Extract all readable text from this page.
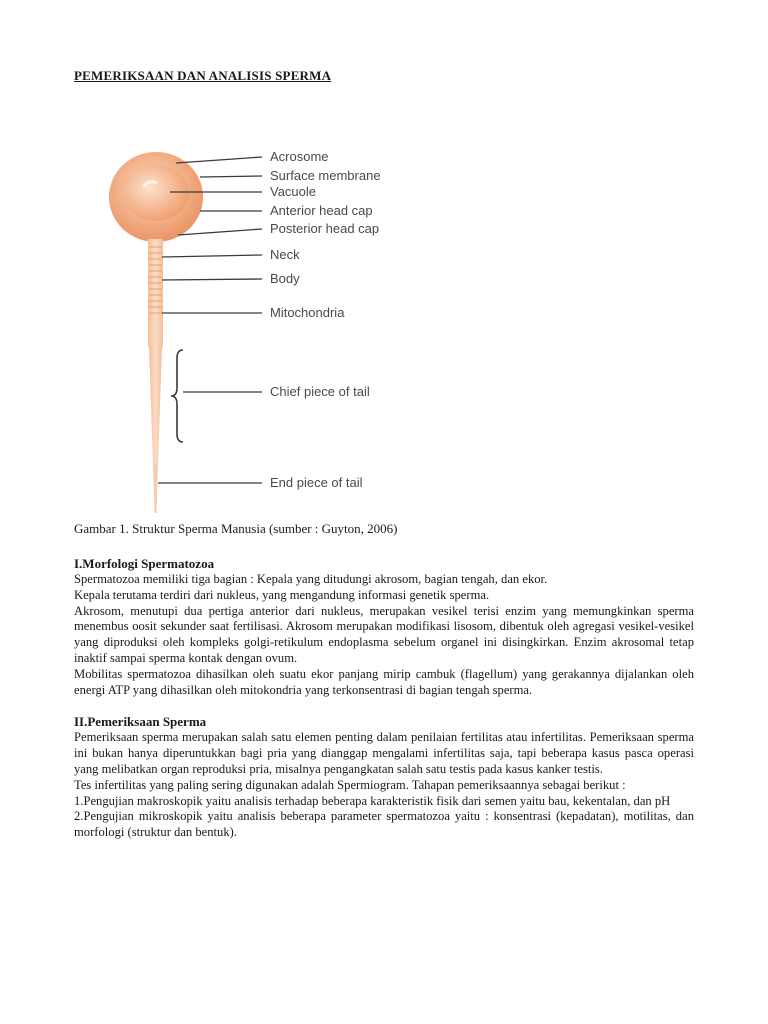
PEMERIKSAAN DAN ANALISIS SPERMA
Acrosome
Surface membrane
Vacuole
Anterior head cap
Posterior head cap
Neck
Body
Mitochondria
Chief piece of tail
End piece of tail
Gambar 1. Struktur Sperma Manusia (sumber : Guyton, 2006)
I.Morfologi Spermatozoa

Spermatozoa memiliki tiga bagian : Kepala yang ditudungi akrosom, bagian tengah, dan ekor.

Kepala terutama terdiri dari nukleus, yang mengandung informasi genetik sperma.

Akrosom, menutupi dua pertiga anterior dari nukleus, merupakan vesikel terisi enzim yang memungkinkan sperma menembus oosit sekunder saat fertilisasi. Akrosom merupakan modifikasi lisosom, dibentuk oleh agregasi vesikel-vesikel yang diproduksi oleh kompleks golgi-retikulum endoplasma sebelum organel ini disingkirkan. Enzim akrosomal tetap inaktif sampai sperma kontak dengan ovum.

Mobilitas spermatozoa dihasilkan oleh suatu ekor panjang mirip cambuk (flagellum) yang gerakannya dijalankan oleh energi ATP yang dihasilkan oleh mitokondria yang terkonsentrasi di bagian tengah sperma.

II.Pemeriksaan Sperma

Pemeriksaan sperma merupakan salah satu elemen penting dalam penilaian fertilitas atau infertilitas. Pemeriksaan sperma ini bukan hanya diperuntukkan bagi pria yang dianggap mengalami infertilitas saja, tapi beberapa kasus pasca operasi yang melibatkan organ reproduksi pria, misalnya pengangkatan salah satu testis pada kasus kanker testis.

Tes infertilitas yang paling sering digunakan adalah Spermiogram. Tahapan pemeriksaannya sebagai berikut :

1.Pengujian makroskopik yaitu analisis terhadap beberapa karakteristik fisik dari semen yaitu bau, kekentalan, dan pH

2.Pengujian mikroskopik yaitu analisis beberapa parameter spermatozoa yaitu : konsentrasi (kepadatan), motilitas, dan morfologi (struktur dan bentuk).
